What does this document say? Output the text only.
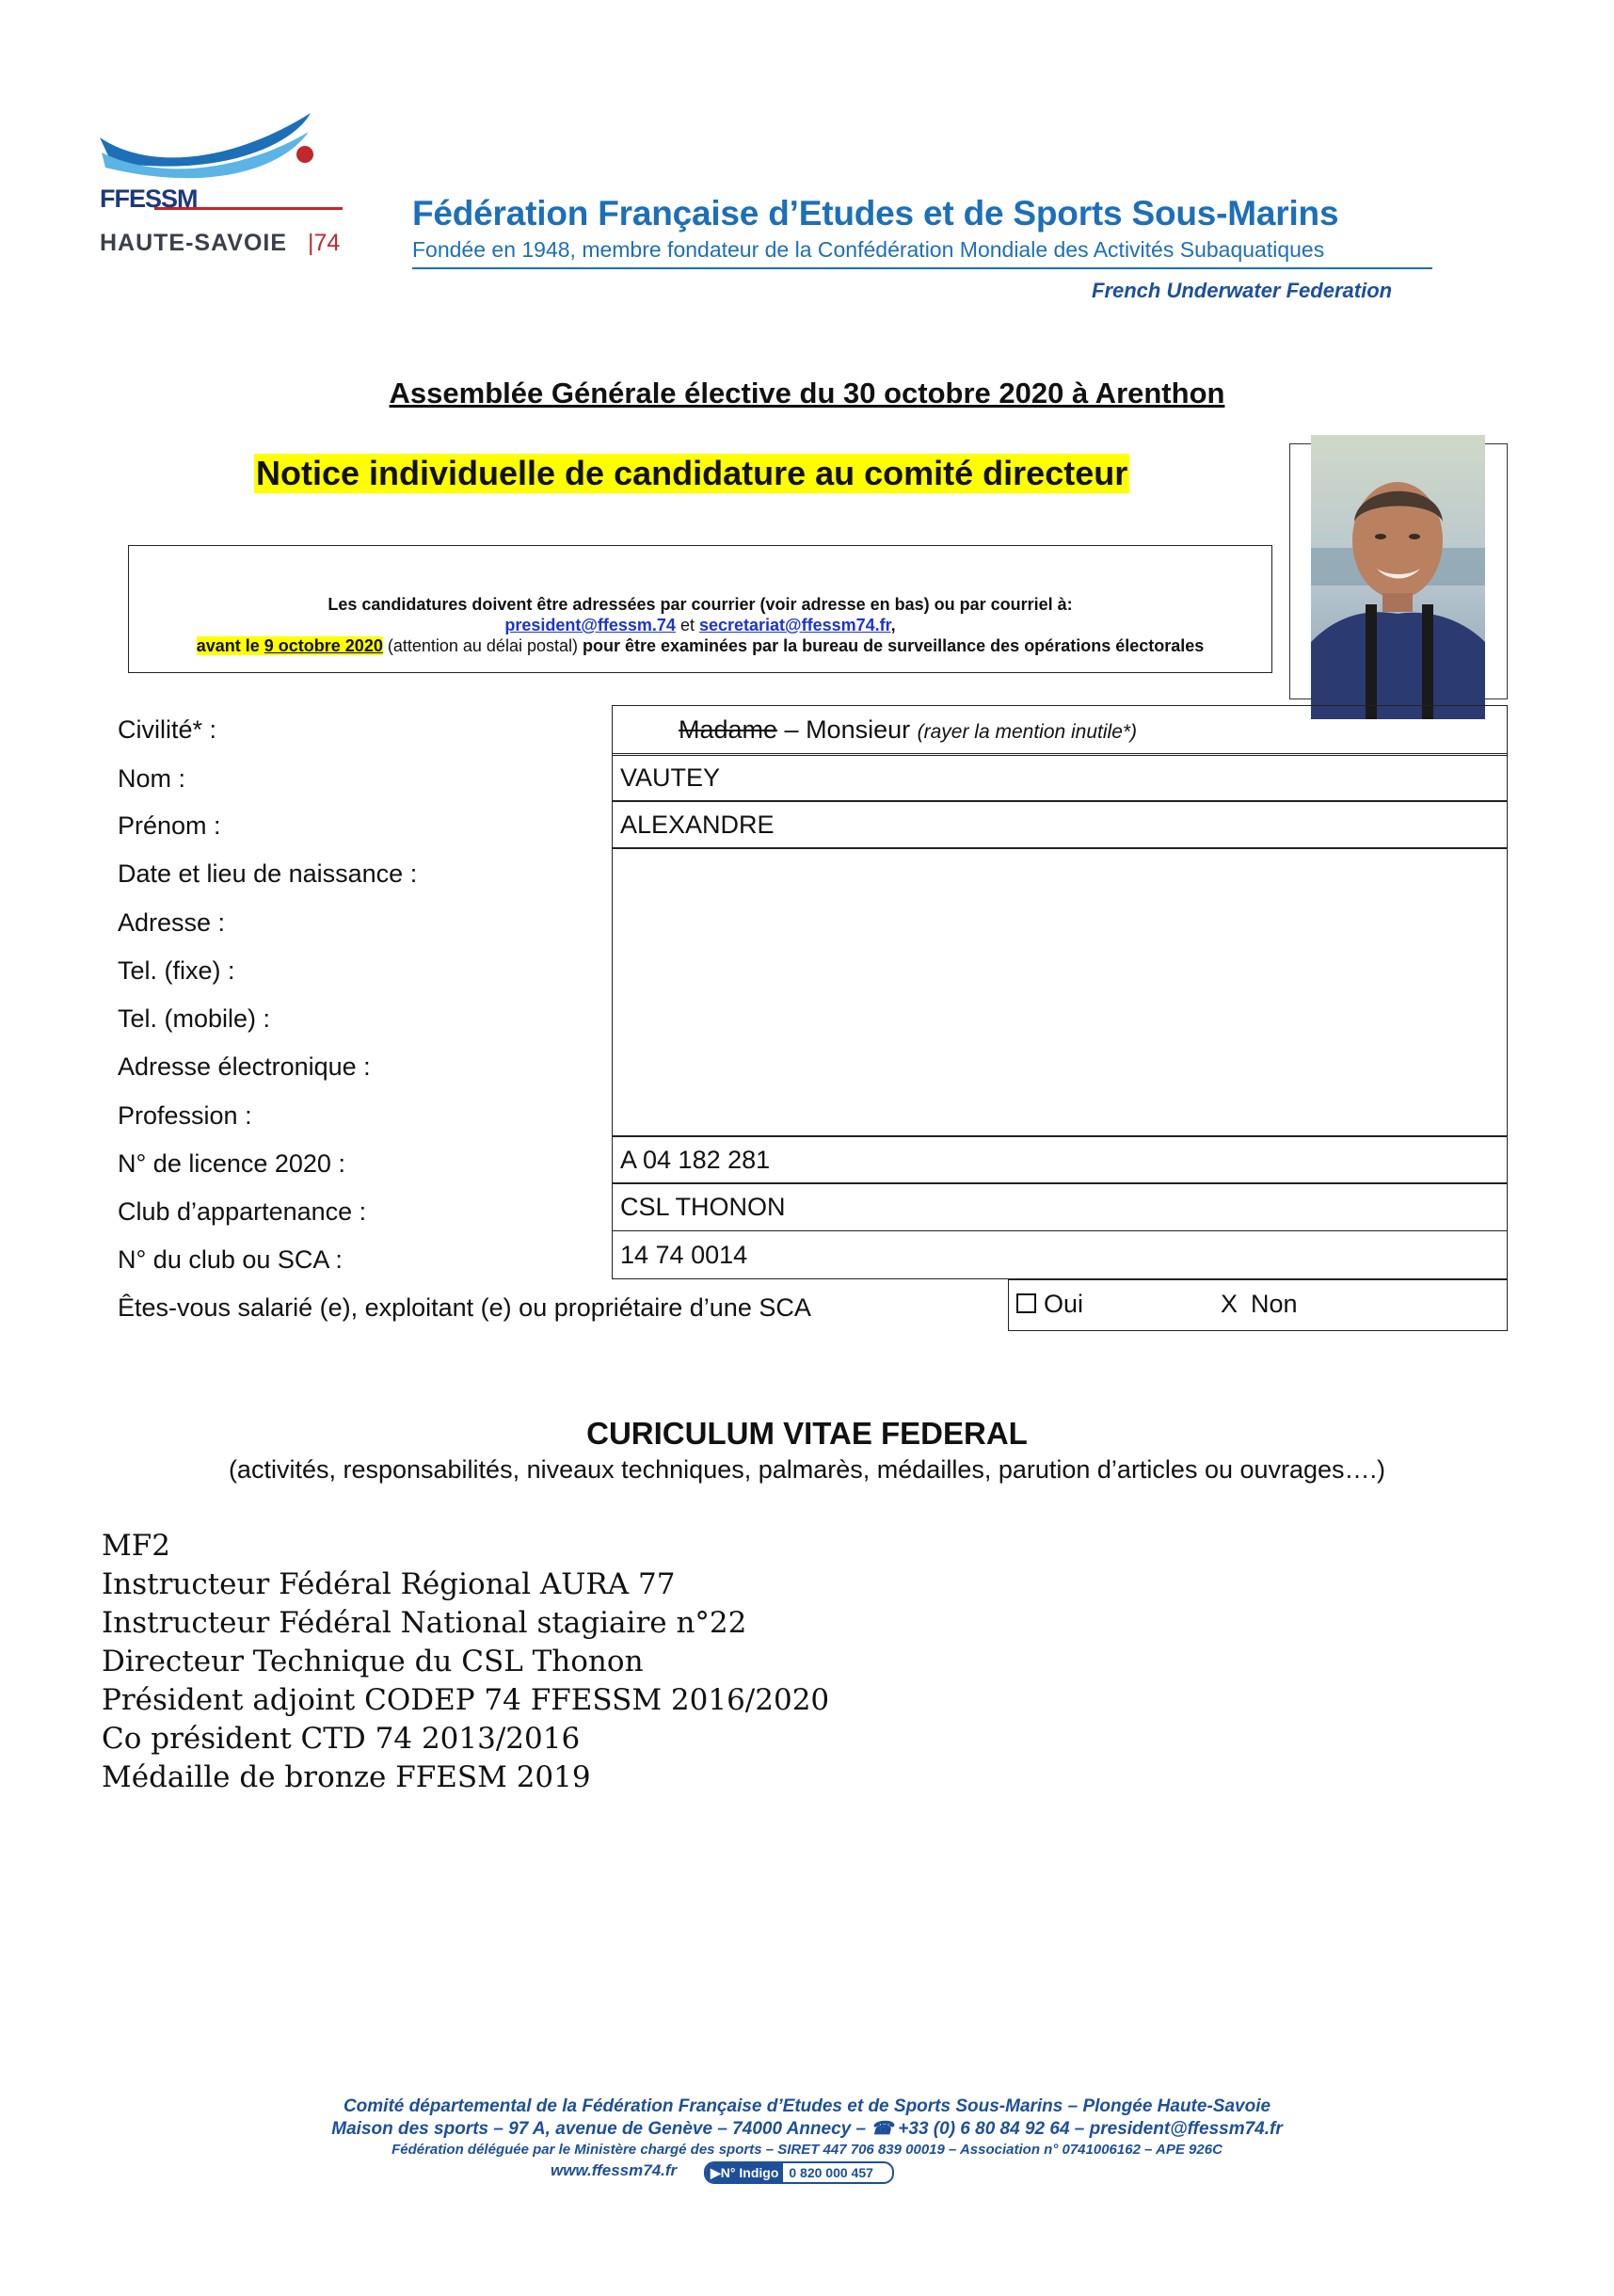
FFESSM
HAUTE-SAVOIE |74
Fédération Française d’Etudes et de Sports Sous-Marins
Fondée en 1948, membre fondateur de la Confédération Mondiale des Activités Subaquatiques
French Underwater Federation
Assemblée Générale élective du 30 octobre 2020 à Arenthon
Notice individuelle de candidature au comité directeur
Les candidatures doivent être adressées par courrier (voir adresse en bas) ou par courriel à:
president@ffessm.74 et secretariat@ffessm74.fr,
avant le 9 octobre 2020 (attention au délai postal) pour être examinées par la bureau de surveillance des opérations électorales
Civilité* :
Nom :
Prénom :
Date et lieu de naissance :
Adresse :
Tel. (fixe) :
Tel. (mobile) :
Adresse électronique :
Profession :
N° de licence 2020 :
Club d’appartenance :
N° du club ou SCA :
Êtes-vous salarié (e), exploitant (e) ou propriétaire d’une SCA
Madame – Monsieur (rayer la mention inutile*)
VAUTEY
ALEXANDRE
A 04 182 281
CSL THONON
14 74 0014
Oui	X Non
CURICULUM VITAE FEDERAL
(activités, responsabilités, niveaux techniques, palmarès, médailles, parution d’articles ou ouvrages….)
MF2
Instructeur Fédéral Régional AURA 77
Instructeur Fédéral National stagiaire n°22
Directeur Technique du CSL Thonon
Président adjoint CODEP 74 FFESSM 2016/2020
Co président CTD 74 2013/2016
Médaille de bronze FFESM 2019
Comité départemental de la Fédération Française d’Etudes et de Sports Sous-Marins – Plongée Haute-Savoie
Maison des sports – 97 A, avenue de Genève – 74000 Annecy – ☎ +33 (0) 6 80 84 92 64 – president@ffessm74.fr
Fédération déléguée par le Ministère chargé des sports – SIRET 447 706 839 00019 – Association n° 0741006162 – APE 926C
www.ffessm74.fr	▶ N° Indigo 0 820 000 457
